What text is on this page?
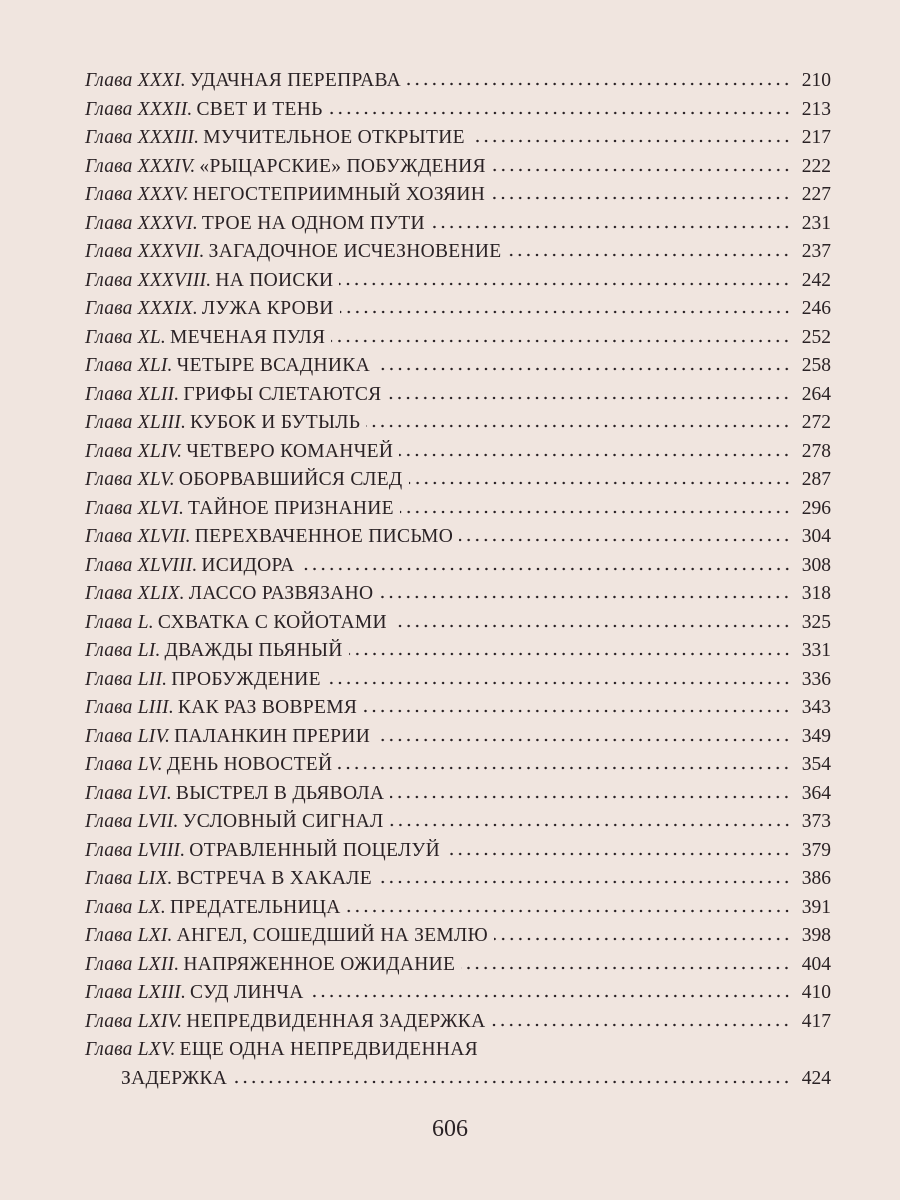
Глава XXXI. УДАЧНАЯ ПЕРЕПРАВА	210
Глава XXXII. СВЕТ И ТЕНЬ	213
Глава XXXIII. МУЧИТЕЛЬНОЕ ОТКРЫТИЕ	217
Глава XXXIV. «РЫЦАРСКИЕ» ПОБУЖДЕНИЯ	222
Глава XXXV. НЕГОСТЕПРИИМНЫЙ ХОЗЯИН	227
Глава XXXVI. ТРОЕ НА ОДНОМ ПУТИ	231
Глава XXXVII. ЗАГАДОЧНОЕ ИСЧЕЗНОВЕНИЕ	237
Глава XXXVIII. НА ПОИСКИ	242
Глава XXXIX. ЛУЖА КРОВИ	246
Глава XL. МЕЧЕНАЯ ПУЛЯ	252
Глава XLI. ЧЕТЫРЕ ВСАДНИКА	258
Глава XLII. ГРИФЫ СЛЕТАЮТСЯ	264
Глава XLIII. КУБОК И БУТЫЛЬ	272
Глава XLIV. ЧЕТВЕРО КОМАНЧЕЙ	278
Глава XLV. ОБОРВАВШИЙСЯ СЛЕД	287
Глава XLVI. ТАЙНОЕ ПРИЗНАНИЕ	296
Глава XLVII. ПЕРЕХВАЧЕННОЕ ПИСЬМО	304
Глава XLVIII. ИСИДОРА	308
Глава XLIX. ЛАССО РАЗВЯЗАНО	318
Глава L. СХВАТКА С КОЙОТАМИ	325
Глава LI. ДВАЖДЫ ПЬЯНЫЙ	331
Глава LII. ПРОБУЖДЕНИЕ	336
Глава LIII. КАК РАЗ ВОВРЕМЯ	343
Глава LIV. ПАЛАНКИН ПРЕРИИ	349
Глава LV. ДЕНЬ НОВОСТЕЙ	354
Глава LVI. ВЫСТРЕЛ В ДЬЯВОЛА	364
Глава LVII. УСЛОВНЫЙ СИГНАЛ	373
Глава LVIII. ОТРАВЛЕННЫЙ ПОЦЕЛУЙ	379
Глава LIX. ВСТРЕЧА В ХАКАЛЕ	386
Глава LX. ПРЕДАТЕЛЬНИЦА	391
Глава LXI. АНГЕЛ, СОШЕДШИЙ НА ЗЕМЛЮ	398
Глава LXII. НАПРЯЖЕННОЕ ОЖИДАНИЕ	404
Глава LXIII. СУД ЛИНЧА	410
Глава LXIV. НЕПРЕДВИДЕННАЯ ЗАДЕРЖКА	417
Глава LXV. ЕЩЕ ОДНА НЕПРЕДВИДЕННАЯ
ЗАДЕРЖКА	424
606
